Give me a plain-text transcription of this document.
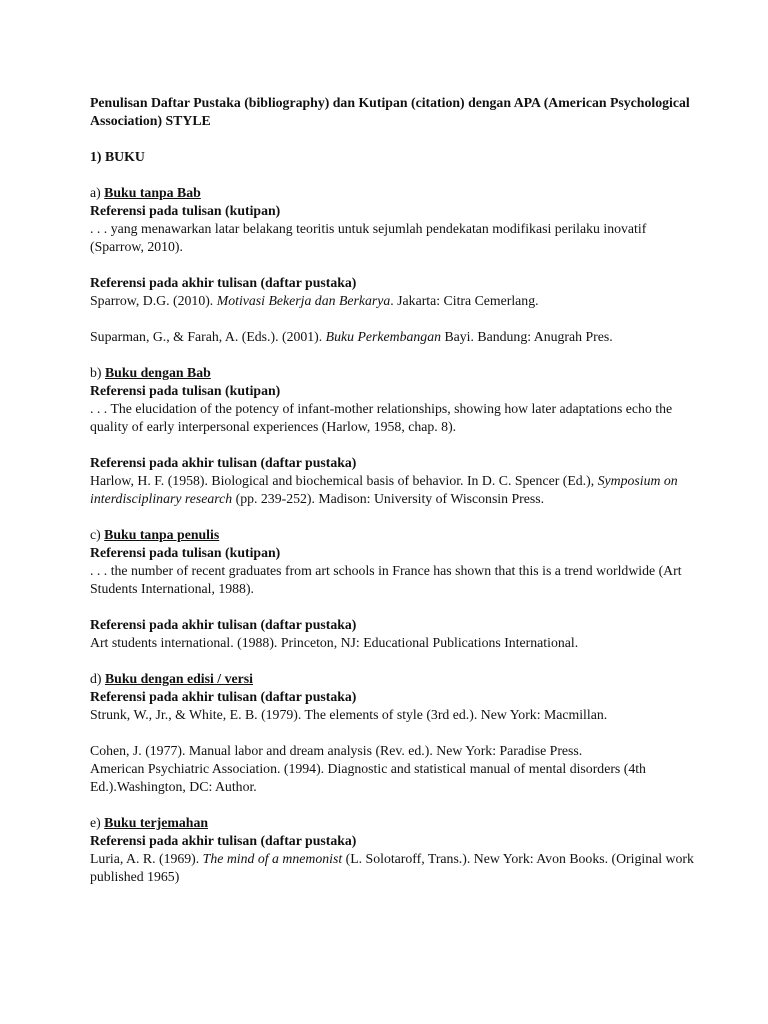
Penulisan Daftar Pustaka (bibliography) dan Kutipan (citation) dengan APA (American Psychological Association) STYLE

1) BUKU

a) Buku tanpa Bab

Referensi pada tulisan (kutipan)

. . . yang menawarkan latar belakang teoritis untuk sejumlah pendekatan modifikasi perilaku inovatif (Sparrow, 2010).

Referensi pada akhir tulisan (daftar pustaka)

Sparrow, D.G. (2010). Motivasi Bekerja dan Berkarya. Jakarta: Citra Cemerlang.

Suparman, G., & Farah, A. (Eds.). (2001). Buku Perkembangan Bayi. Bandung: Anugrah Pres.

b) Buku dengan Bab

Referensi pada tulisan (kutipan)

. . . The elucidation of the potency of infant-mother relationships, showing how later adaptations echo the quality of early interpersonal experiences (Harlow, 1958, chap. 8).

Referensi pada akhir tulisan (daftar pustaka)

Harlow, H. F. (1958). Biological and biochemical basis of behavior. In D. C. Spencer (Ed.), Symposium on interdisciplinary research (pp. 239-252). Madison: University of Wisconsin Press.

c) Buku tanpa penulis

Referensi pada tulisan (kutipan)

. . . the number of recent graduates from art schools in France has shown that this is a trend worldwide (Art Students International, 1988).

Referensi pada akhir tulisan (daftar pustaka)

Art students international. (1988). Princeton, NJ: Educational Publications International.

d) Buku dengan edisi / versi

Referensi pada akhir tulisan (daftar pustaka)

Strunk, W., Jr., & White, E. B. (1979). The elements of style (3rd ed.). New York: Macmillan.

Cohen, J. (1977). Manual labor and dream analysis (Rev. ed.). New York: Paradise Press.

American Psychiatric Association. (1994). Diagnostic and statistical manual of mental disorders (4th Ed.).Washington, DC: Author.

e) Buku terjemahan

Referensi pada akhir tulisan (daftar pustaka)

Luria, A. R. (1969). The mind of a mnemonist (L. Solotaroff, Trans.). New York: Avon Books. (Original work published 1965)
